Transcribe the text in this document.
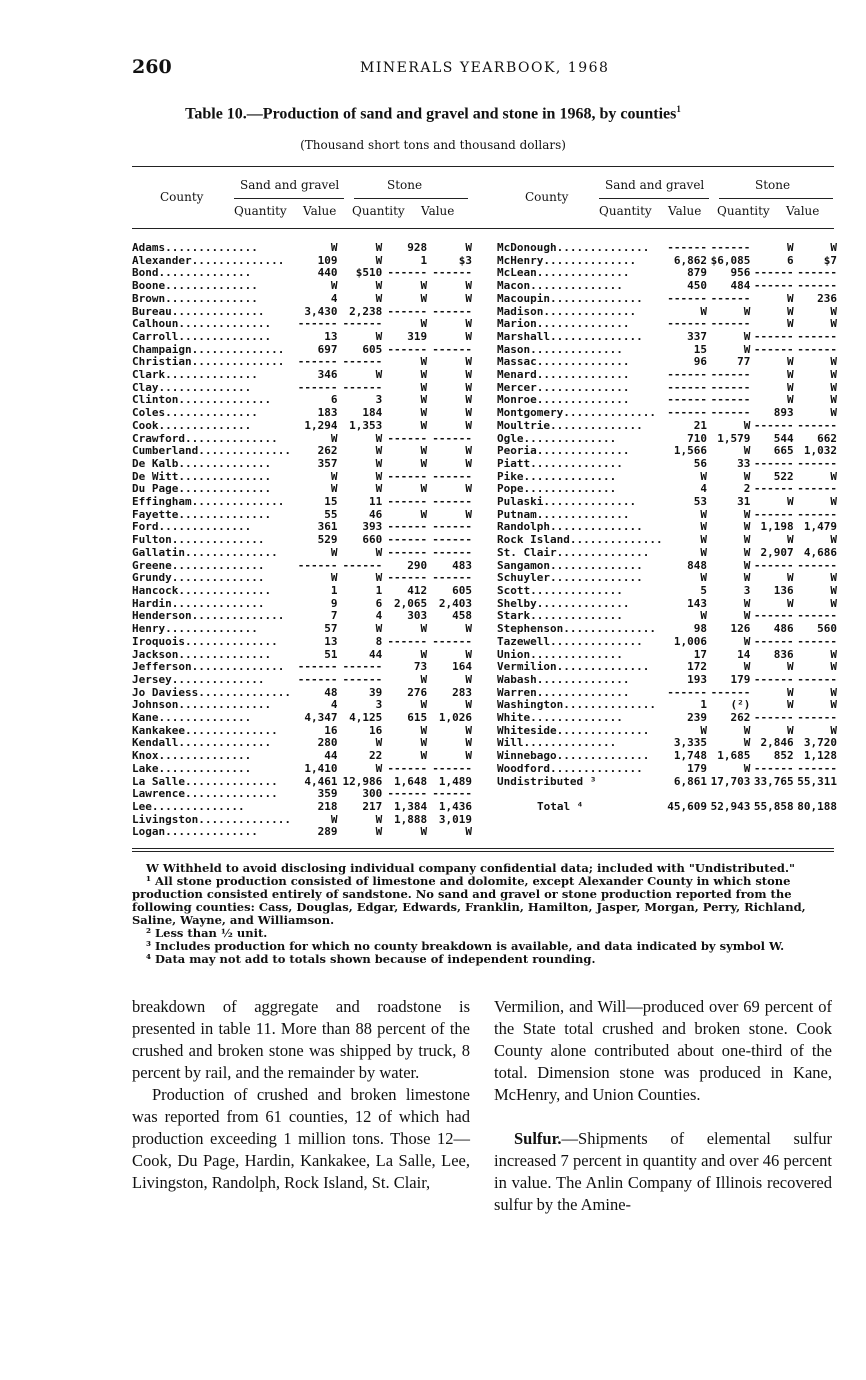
260	MINERALS YEARBOOK, 1968
Table 10.—Production of sand and gravel and stone in 1968, by counties$^1$
(Thousand short tons and thousand dollars)
County
Sand and gravel	Stone
Quantity Value Quantity Value
Adams..............	W	W	928	W
Alexander..............	109	W	1	$3
Bond..............	440	$510	------	------
Boone..............	W	W	W	W
Brown..............	4	W	W	W
Bureau..............	3,430	2,238	------	------
Calhoun..............	------	------	W	W
Carroll..............	13	W	319	W
Champaign..............	697	605	------	------
Christian..............	------	------	W	W
Clark..............	346	W	W	W
Clay..............	------	------	W	W
Clinton..............	6	3	W	W
Coles..............	183	184	W	W
Cook..............	1,294	1,353	W	W
Crawford..............	W	W	------	------
Cumberland..............	262	W	W	W
De Kalb..............	357	W	W	W
De Witt..............	W	W	------	------
Du Page..............	W	W	W	W
Effingham..............	15	11	------	------
Fayette..............	55	46	W	W
Ford..............	361	393	------	------
Fulton..............	529	660	------	------
Gallatin..............	W	W	------	------
Greene..............	------	------	290	483
Grundy..............	W	W	------	------
Hancock..............	1	1	412	605
Hardin..............	9	6	2,065	2,403
Henderson..............	7	4	303	458
Henry..............	57	W	W	W
Iroquois..............	13	8	------	------
Jackson..............	51	44	W	W
Jefferson..............	------	------	73	164
Jersey..............	------	------	W	W
Jo Daviess..............	48	39	276	283
Johnson..............	4	3	W	W
Kane..............	4,347	4,125	615	1,026
Kankakee..............	16	16	W	W
Kendall..............	280	W	W	W
Knox..............	44	22	W	W
Lake..............	1,410	W	------	------
La Salle..............	4,461	12,986	1,648	1,489
Lawrence..............	359	300	------	------
Lee..............	218	217	1,384	1,436
Livingston..............	W	W	1,888	3,019
Logan..............	289	W	W	W
County
Sand and gravel	Stone
Quantity Value Quantity Value
McDonough..............	------	------	W	W
McHenry..............	6,862	$6,085	6	$7
McLean..............	879	956	------	------
Macon..............	450	484	------	------
Macoupin..............	------	------	W	236
Madison..............	W	W	W	W
Marion..............	------	------	W	W
Marshall..............	337	W	------	------
Mason..............	15	W	------	------
Massac..............	96	77	W	W
Menard..............	------	------	W	W
Mercer..............	------	------	W	W
Monroe..............	------	------	W	W
Montgomery..............	------	------	893	W
Moultrie..............	21	W	------	------
Ogle..............	710	1,579	544	662
Peoria..............	1,566	W	665	1,032
Piatt..............	56	33	------	------
Pike..............	W	W	522	W
Pope..............	4	2	------	------
Pulaski..............	53	31	W	W
Putnam..............	W	W	------	------
Randolph..............	W	W	1,198	1,479
Rock Island..............	W	W	W	W
St. Clair..............	W	W	2,907	4,686
Sangamon..............	848	W	------	------
Schuyler..............	W	W	W	W
Scott..............	5	3	136	W
Shelby..............	143	W	W	W
Stark..............	W	W	------	------
Stephenson..............	98	126	486	560
Tazewell..............	1,006	W	------	------
Union..............	17	14	836	W
Vermilion..............	172	W	W	W
Wabash..............	193	179	------	------
Warren..............	------	------	W	W
Washington..............	1	(²)	W	W
White..............	239	262	------	------
Whiteside..............	W	W	W	W
Will..............	3,335	W	2,846	3,720
Winnebago..............	1,748	1,685	852	1,128
Woodford..............	179	W	------	------
Undistributed ³	6,861	17,703	33,765	55,311

Total ⁴	45,609	52,943	55,858	80,188

W Withheld to avoid disclosing individual company confidential data; included with "Undistributed."

¹ All stone production consisted of limestone and dolomite, except Alexander County in which stone production consisted entirely of sandstone. No sand and gravel or stone production reported from the following counties: Cass, Douglas, Edgar, Edwards, Franklin, Hamilton, Jasper, Morgan, Perry, Richland, Saline, Wayne, and Williamson.

² Less than ½ unit.

³ Includes production for which no county breakdown is available, and data indicated by symbol W.

⁴ Data may not add to totals shown because of independent rounding.

breakdown of aggregate and roadstone is presented in table 11. More than 88 percent of the crushed and broken stone was shipped by truck, 8 percent by rail, and the remainder by water.

Production of crushed and broken limestone was reported from 61 counties, 12 of which had production exceeding 1 million tons. Those 12—Cook, Du Page, Hardin, Kankakee, La Salle, Lee, Livingston, Randolph, Rock Island, St. Clair,

Vermilion, and Will—produced over 69 percent of the State total crushed and broken stone. Cook County alone contributed about one-third of the total. Dimension stone was produced in Kane, McHenry, and Union Counties.

Sulfur.—Shipments of elemental sulfur increased 7 percent in quantity and over 46 percent in value. The Anlin Company of Illinois recovered sulfur by the Amine-
